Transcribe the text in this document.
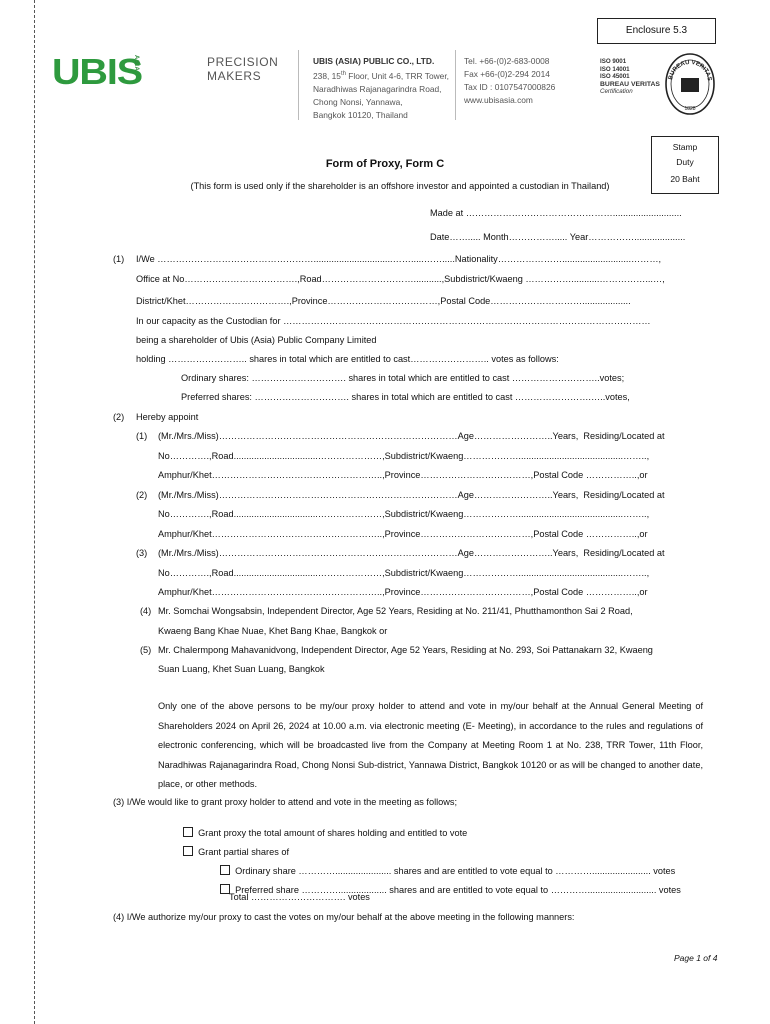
Enclosure 5.3
UBIS
ASIA	PRECISION
MAKERS
UBIS (ASIA) PUBLIC CO., LTD.
238, 15th Floor, Unit 4-6, TRR Tower,
Naradhiwas Rajanagarindra Road,
Chong Nonsi, Yannawa,
Bangkok 10120, Thailand
Tel. +66-(0)2-683-0008
Fax +66-(0)2-294 2014
Tax ID : 0107547000826
www.ubisasia.com
ISO 9001
ISO 14001
ISO 45001
BUREAU VERITAS
Certification
BUREAU VERITAS
1828
Stamp
Duty
20 Baht
Form of Proxy, Form C
(This form is used only if the shareholder is an offshore investor and appointed a custodian in Thailand)
Made at …………………………………………...........................
Date……..... Month……………..... Year……………....................
(1) I/We ……………………………………………...............................…….....…….....Nationality…………………...........................………,
Office at No……………………………….,Road…………………………...........,Subdistrict/Kwaeng ……………...........……………...…,
District/Khet…………………………….,Province………………………………,Postal Code…………………………...................
In our capacity as the Custodian for …………………………………………………………………………………………………………
being a shareholder of Ubis (Asia) Public Company Limited
holding …………………….. shares in total which are entitled to cast…………………….. votes as follows:
Ordinary shares: …………………………. shares in total which are entitled to cast ………………………..votes;
Preferred shares: …………………………. shares in total which are entitled to cast …………………….…..votes,
(2) Hereby appoint
(1) (Mr./Mrs./Miss)……………………………………………………………………Age……………………..Years,  Residing/Located at
No………….,Road.................................…………………,Subdistrict/Kwaeng……………….........................................……..,
Amphur/Khet………………………………………………..,Province………………………………,Postal Code ……………..,or
(2) (Mr./Mrs./Miss)……………………………………………………………………Age……………………..Years,  Residing/Located at
No………….,Road.................................…………………,Subdistrict/Kwaeng……………….........................................……..,
Amphur/Khet………………………………………………..,Province………………………………,Postal Code ……………..,or
(3) (Mr./Mrs./Miss)……………………………………………………………………Age……………………..Years,  Residing/Located at
No………….,Road.................................…………………,Subdistrict/Kwaeng……………….........................................……..,
Amphur/Khet………………………………………………..,Province………………………………,Postal Code ……………..,or
(4) Mr. Somchai Wongsabsin, Independent Director, Age 52 Years, Residing at No. 211/41, Phutthamonthon Sai 2 Road,
Kwaeng Bang Khae Nuae, Khet Bang Khae, Bangkok or
(5) Mr. Chalermpong Mahavanidvong, Independent Director, Age 52 Years, Residing at No. 293, Soi Pattanakarn 32, Kwaeng
Suan Luang, Khet Suan Luang, Bangkok
Only one of the above persons to be my/our proxy holder to attend and vote in my/our behalf at the Annual General Meeting of Shareholders 2024 on April 26, 2024 at 10.00 a.m. via electronic meeting (E- Meeting), in accordance to the rules and regulations of electronic conferencing, which will be broadcasted live from the Company at Meeting Room 1 at No. 238, TRR Tower, 11th Floor, Naradhiwas Rajanagarindra Road, Chong Nonsi Sub-district, Yannawa District, Bangkok 10120 or as will be changed to another date, place, or other methods.
(3) I/We would like to grant proxy holder to attend and vote in the meeting as follows;

Grant proxy the total amount of shares holding and entitled to vote

Grant partial shares of

Ordinary share …………...................... shares and are entitled to vote equal to …………....................... votes

Preferred share …………................... shares and are entitled to vote equal to …………........................... votes

Total …………………………. votes
(4) I/We authorize my/our proxy to cast the votes on my/our behalf at the above meeting in the following manners:
Page 1 of 4
